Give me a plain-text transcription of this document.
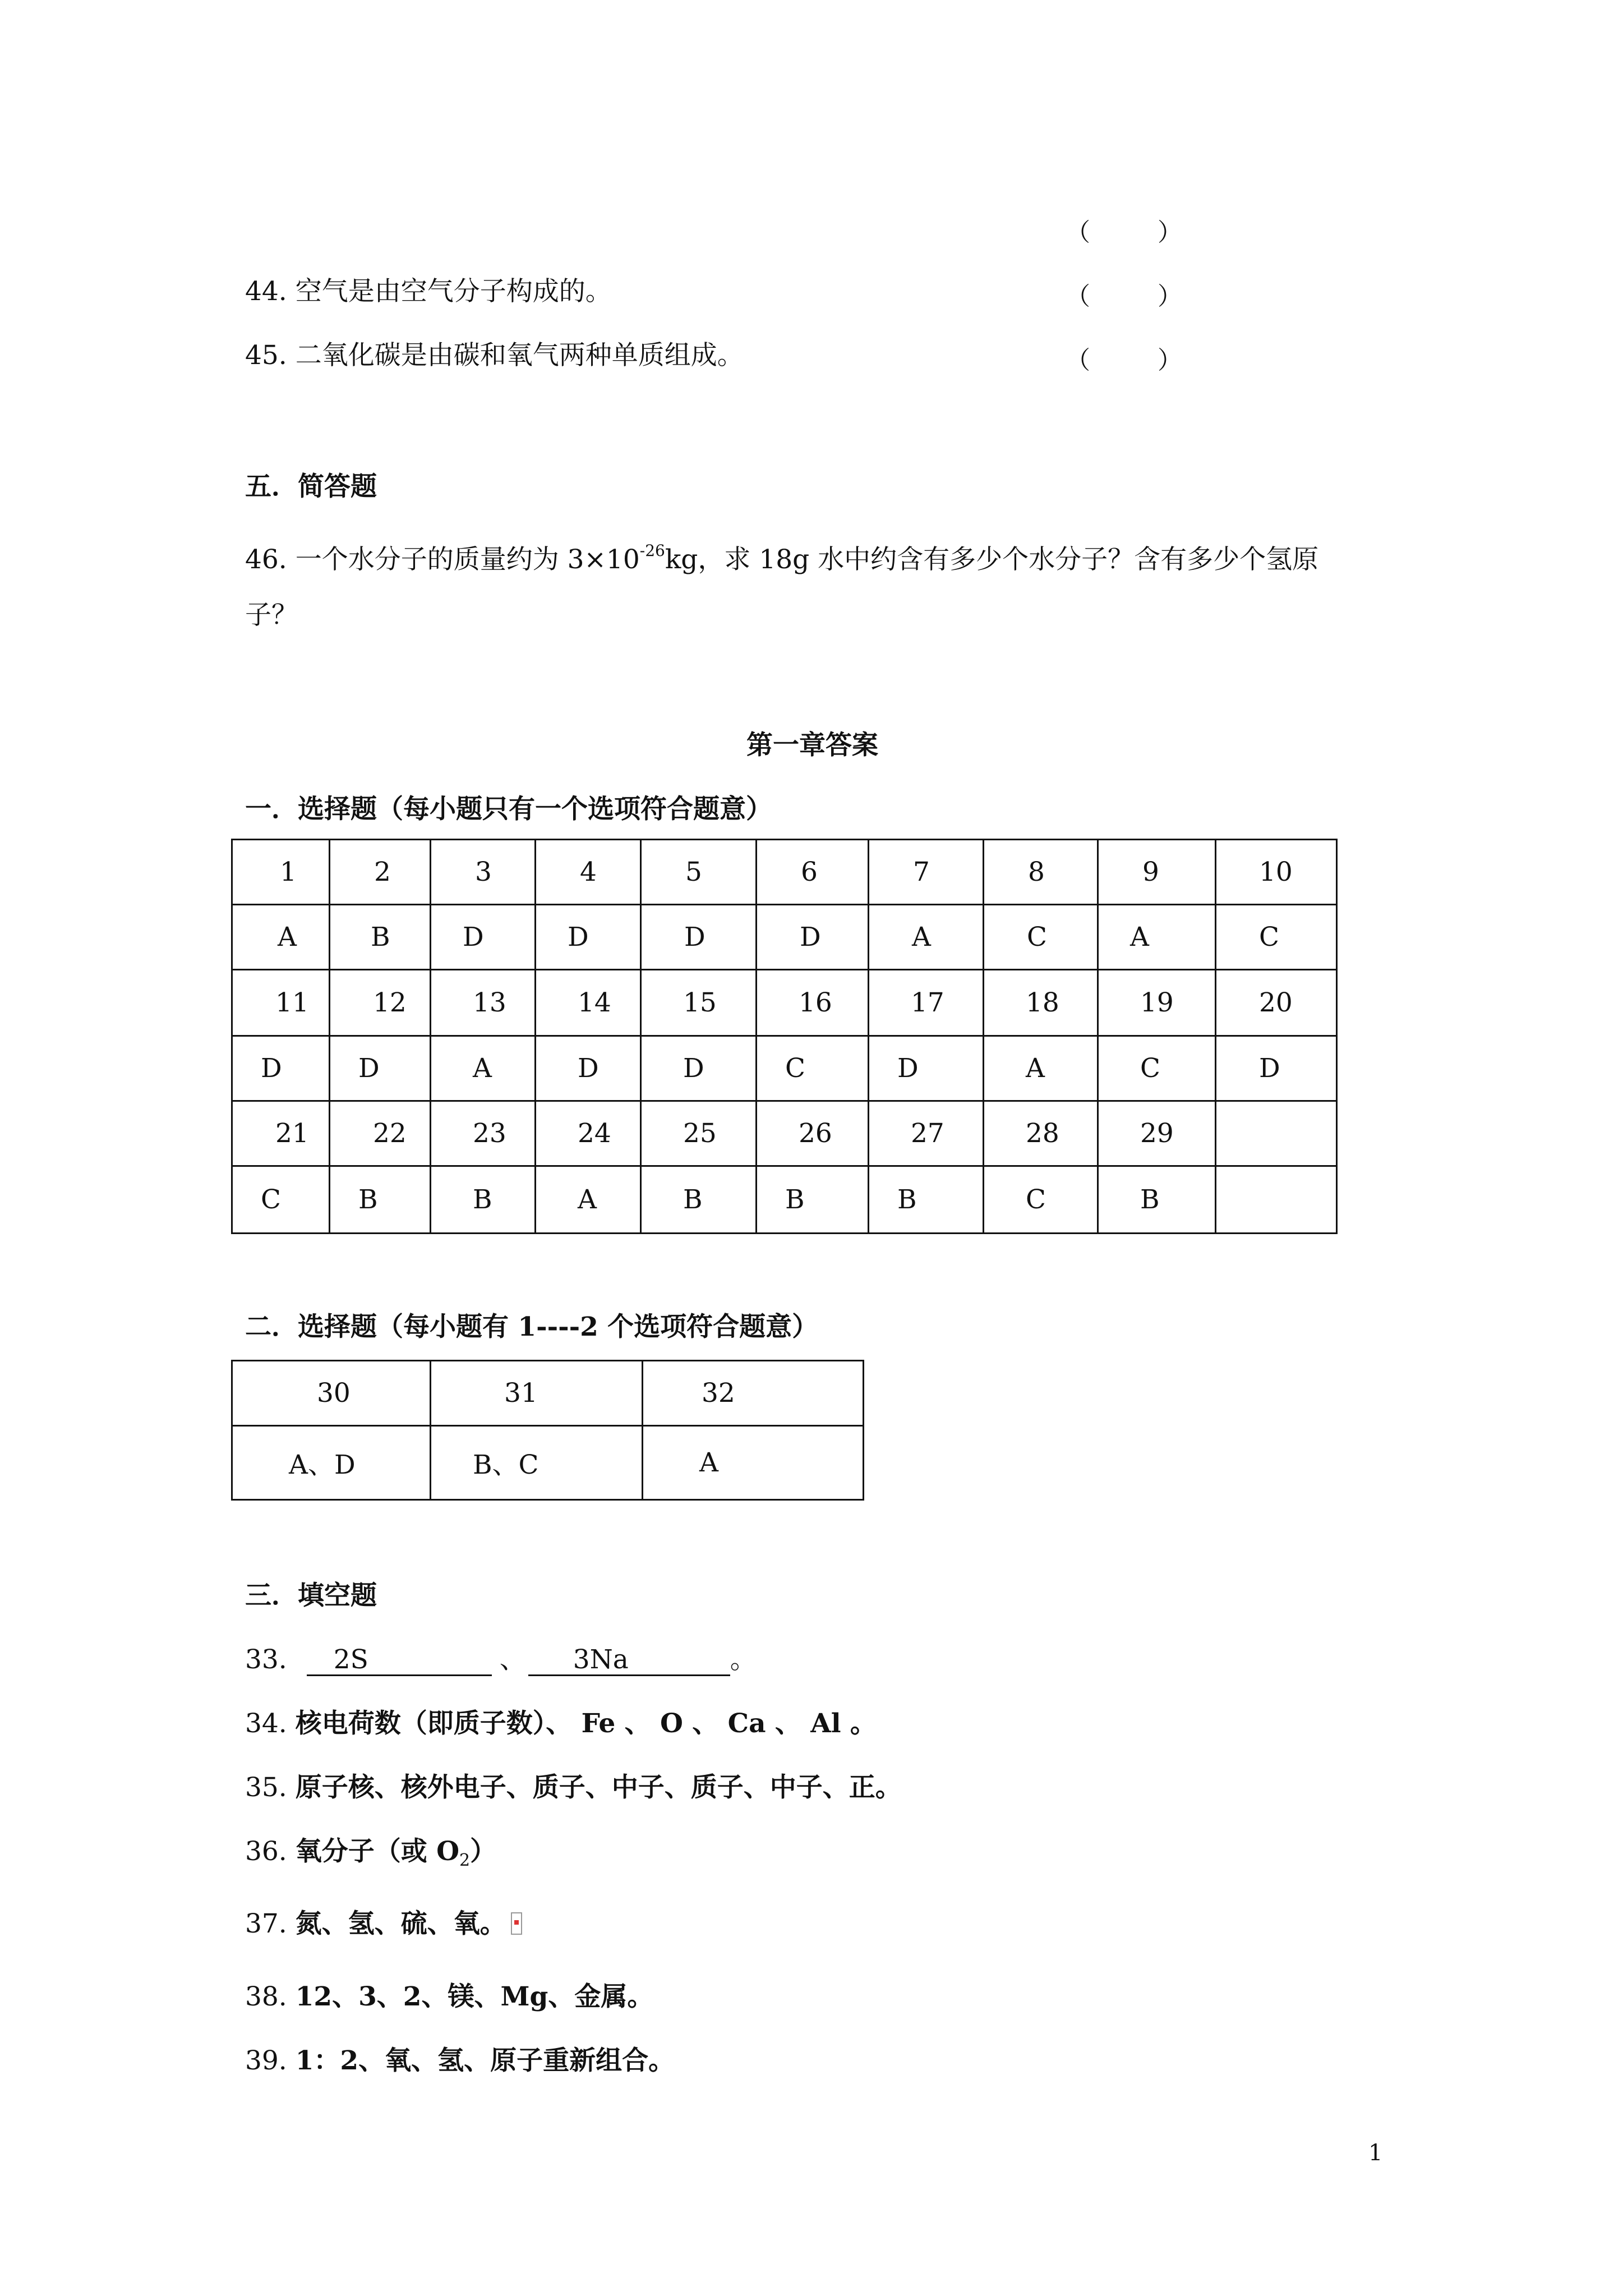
（	）
44. 空气是由空气分子构成的。	（	）
45. 二氧化碳是由碳和氧气两种单质组成。	（	）
五．简答题
46. 一个水分子的质量约为 $3\times 10^{-26}kg$，求 18g 水中约含有多少个水分子？含有多少个氢原
子？
第一章答案
一．选择题（每小题只有一个选项符合题意）
1	2	3	4	5	6	7	8	9	10
A	B	D	D	D	D	A	C	A	C
11	12	13	14	15	16	17	18	19	20
D	D	A	D	D	C	D	A	C	D
21	22	23	24	25	26	27	28	29	
C	B	B	A	B	B	B	C	B	
二．选择题（每小题有 1----2 个选项符合题意）
30	31	32
A、D	B、C	A
三．填空题
33. 2S	、 3Na	。
34. 核电荷数（即质子数）、 Fe 、 O 、 Ca 、 Al 。
35. 原子核、核外电子、质子、中子、质子、中子、正。
36. 氧分子（或 $O_2$）
37. 氮、氢、硫、氧。
38. 12、3、2、镁、Mg、金属。
39. 1：2、氧、氢、原子重新组合。
1
